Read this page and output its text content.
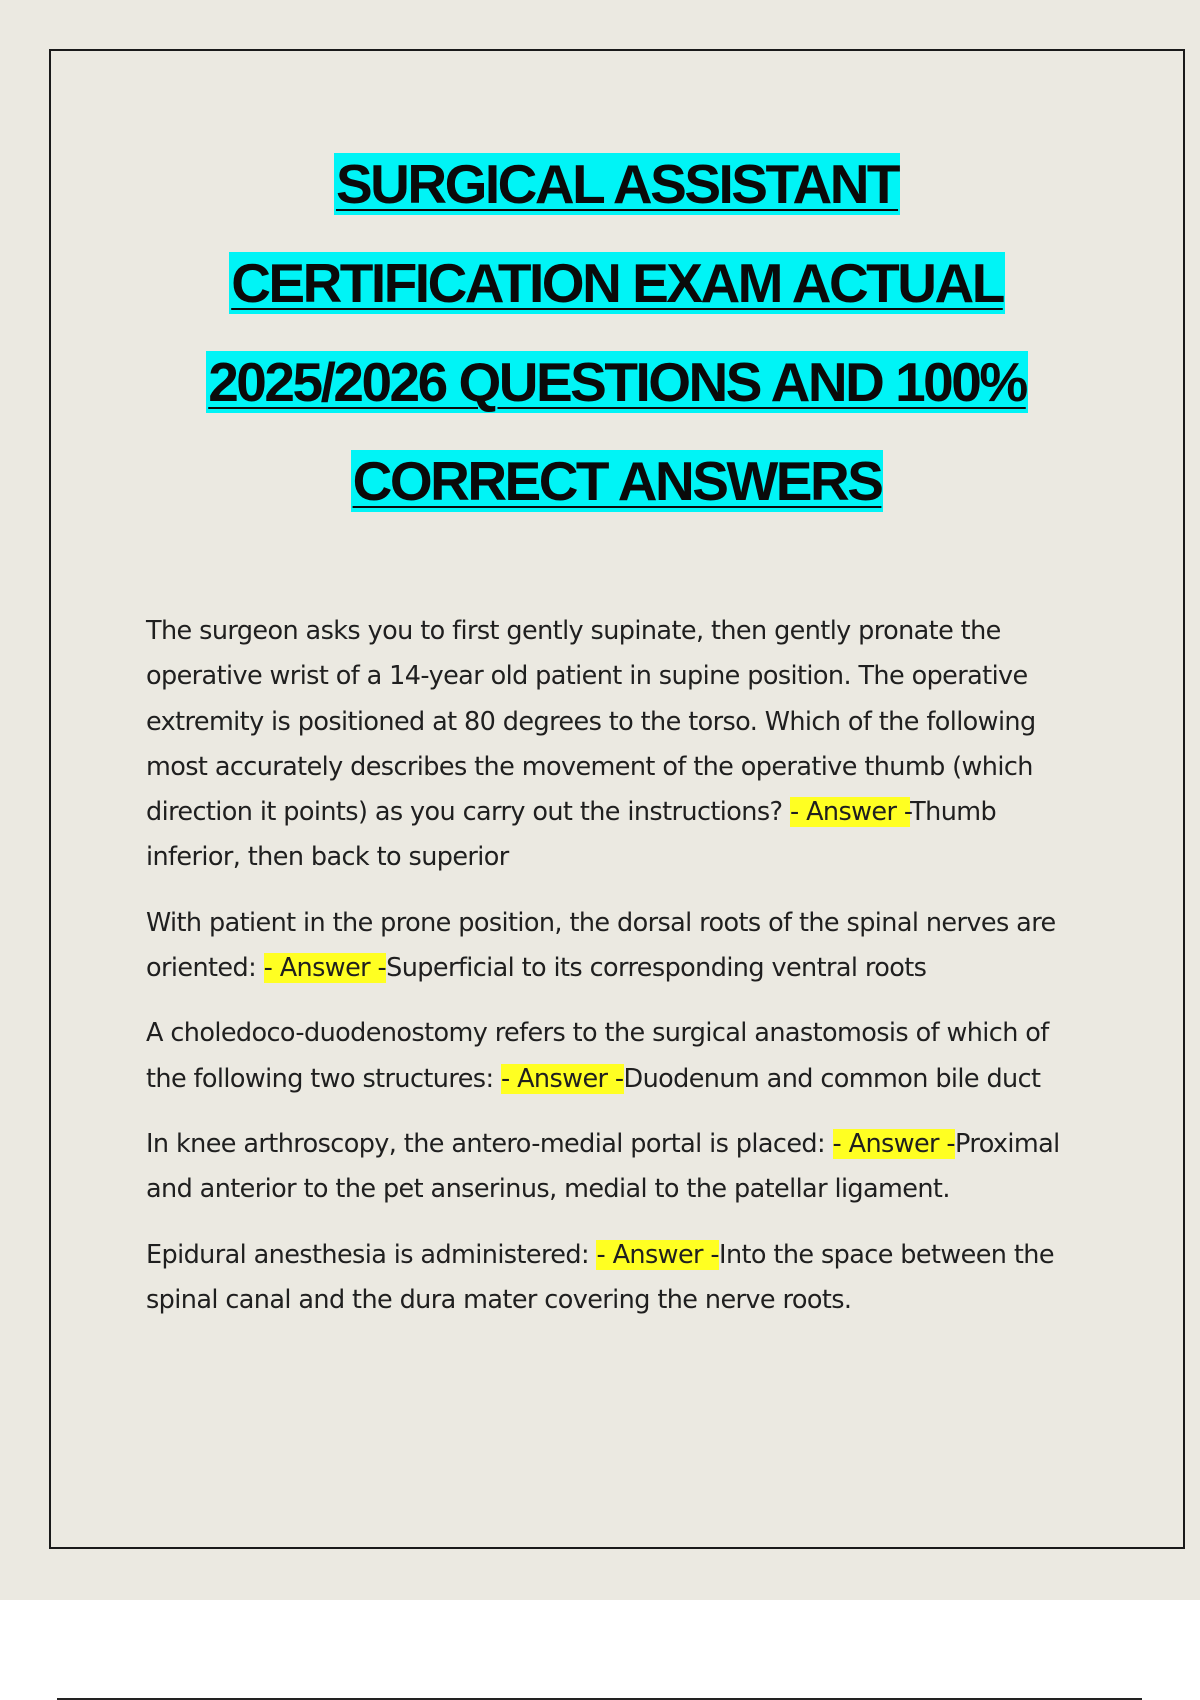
SURGICAL ASSISTANT
CERTIFICATION EXAM ACTUAL
2025/2026 QUESTIONS AND 100%
CORRECT ANSWERS

The surgeon asks you to first gently supinate, then gently pronate the operative wrist of a 14-year old patient in supine position. The operative extremity is positioned at 80 degrees to the torso. Which of the following most accurately describes the movement of the operative thumb (which direction it points) as you carry out the instructions? - Answer -Thumb inferior, then back to superior

With patient in the prone position, the dorsal roots of the spinal nerves are oriented: - Answer -Superficial to its corresponding ventral roots

A choledoco-duodenostomy refers to the surgical anastomosis of which of the following two structures: - Answer -Duodenum and common bile duct

In knee arthroscopy, the antero-medial portal is placed: - Answer -Proximal and anterior to the pet anserinus, medial to the patellar ligament.

Epidural anesthesia is administered: - Answer -Into the space between the spinal canal and the dura mater covering the nerve roots.
